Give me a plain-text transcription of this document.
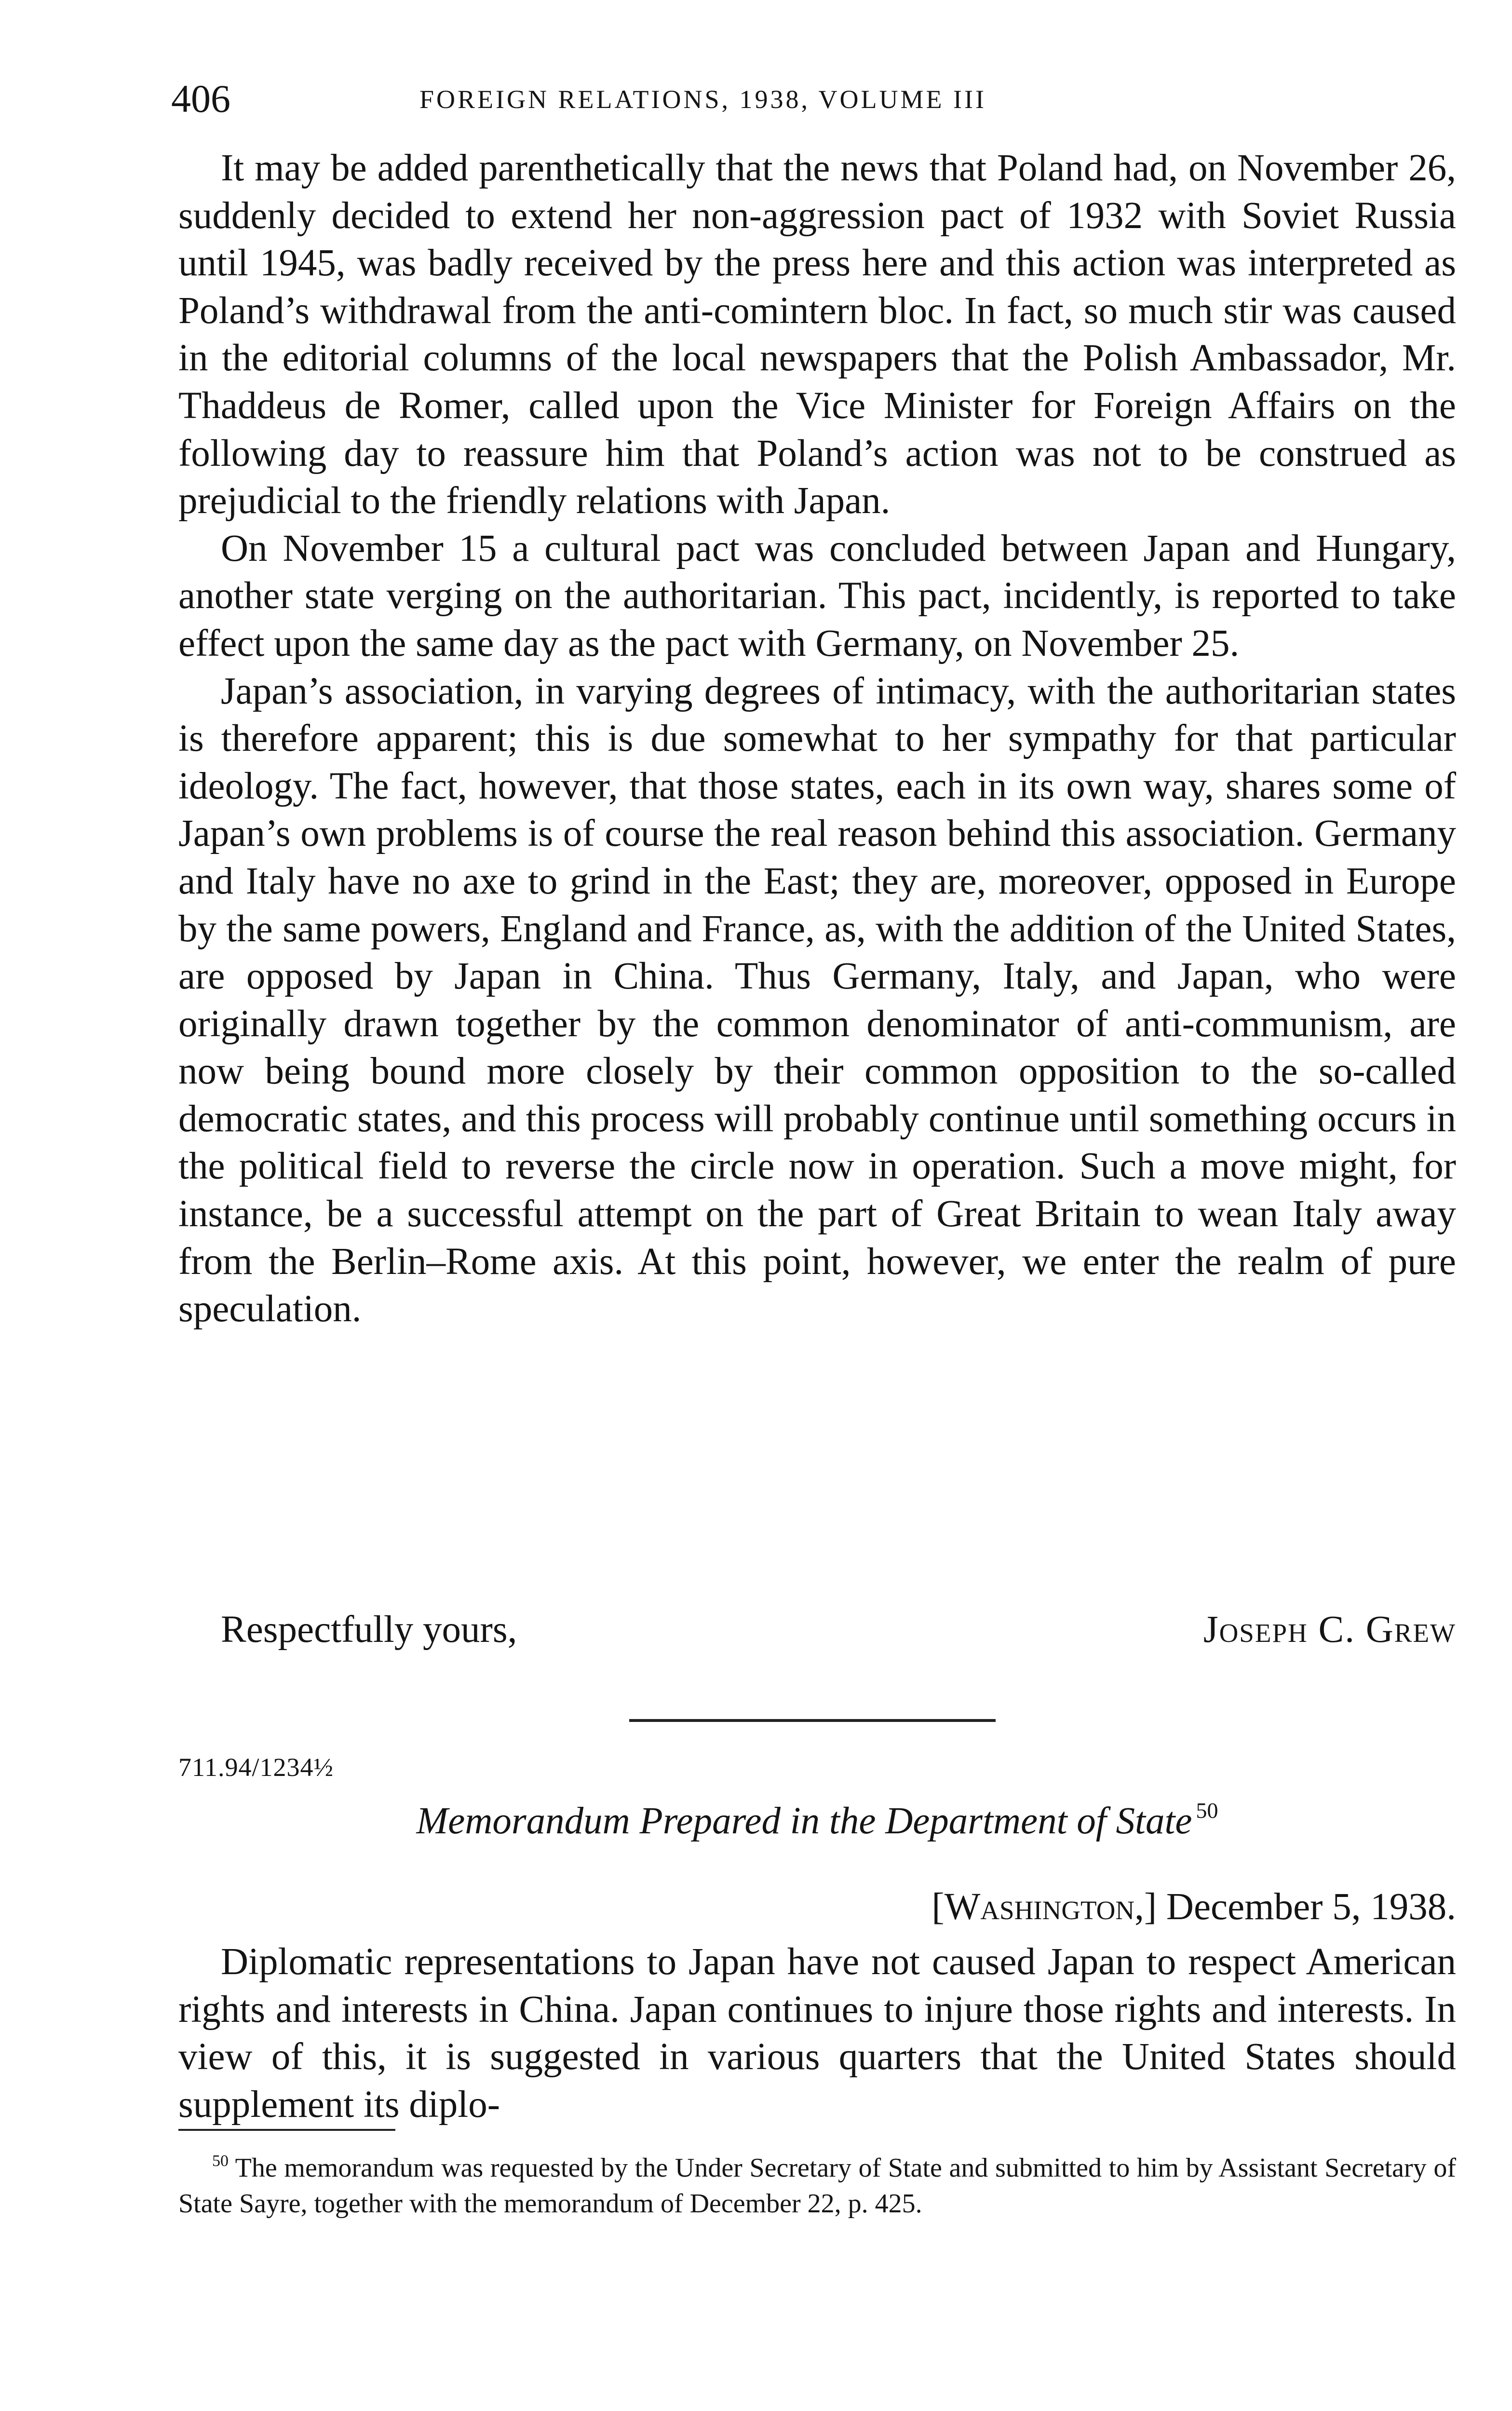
406	FOREIGN RELATIONS, 1938, VOLUME III

It may be added parenthetically that the news that Poland had, on November 26, suddenly decided to extend her non-aggression pact of 1932 with Soviet Russia until 1945, was badly received by the press here and this action was interpreted as Poland’s withdrawal from the anti-comintern bloc. In fact, so much stir was caused in the editorial columns of the local newspapers that the Polish Ambassador, Mr. Thaddeus de Romer, called upon the Vice Minister for Foreign Affairs on the following day to reassure him that Poland’s action was not to be construed as prejudicial to the friendly relations with Japan.

On November 15 a cultural pact was concluded between Japan and Hungary, another state verging on the authoritarian. This pact, incidently, is reported to take effect upon the same day as the pact with Germany, on November 25.

Japan’s association, in varying degrees of intimacy, with the authoritarian states is therefore apparent; this is due somewhat to her sympathy for that particular ideology. The fact, however, that those states, each in its own way, shares some of Japan’s own problems is of course the real reason behind this association. Germany and Italy have no axe to grind in the East; they are, moreover, opposed in Europe by the same powers, England and France, as, with the addition of the United States, are opposed by Japan in China. Thus Germany, Italy, and Japan, who were originally drawn together by the common denominator of anti-communism, are now being bound more closely by their common opposition to the so-called democratic states, and this process will probably continue until something occurs in the political field to reverse the circle now in operation. Such a move might, for instance, be a successful attempt on the part of Great Britain to wean Italy away from the Berlin–Rome axis. At this point, however, we enter the realm of pure speculation.

Respectfully yours,	Joseph C. Grew
711.94/1234½
Memorandum Prepared in the Department of State $^{50}$
[Washington,] December 5, 1938.

Diplomatic representations to Japan have not caused Japan to respect American rights and interests in China. Japan continues to injure those rights and interests. In view of this, it is suggested in various quarters that the United States should supplement its diplo-

$^{50}$ The memorandum was requested by the Under Secretary of State and submitted to him by Assistant Secretary of State Sayre, together with the memorandum of December 22, p. 425.
